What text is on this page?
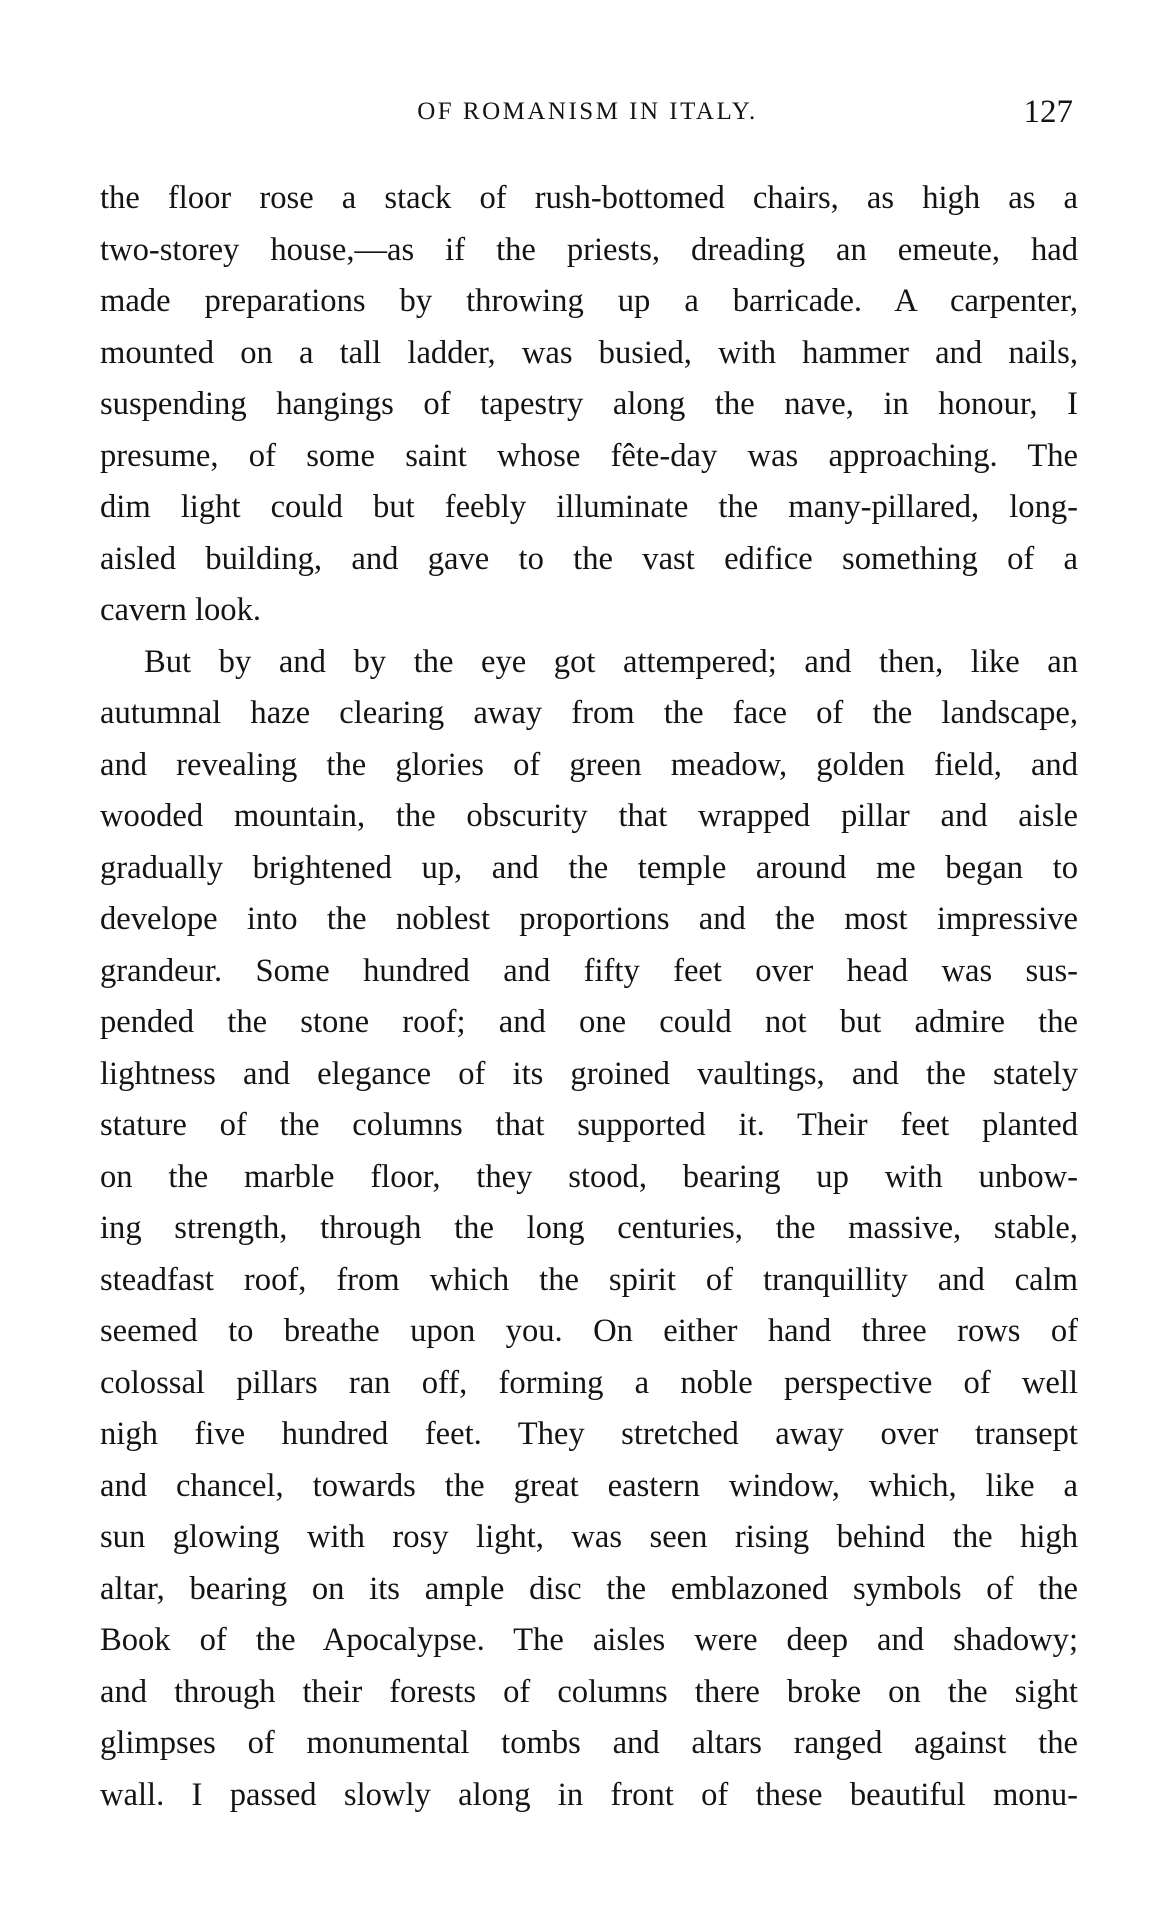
OF ROMANISM IN ITALY.	127
the floor rose a stack of rush-bottomed chairs, as high as a
two-storey house,—as if the priests, dreading an emeute, had
made preparations by throwing up a barricade. A carpenter,
mounted on a tall ladder, was busied, with hammer and nails,
suspending hangings of tapestry along the nave, in honour, I
presume, of some saint whose fête-day was approaching. The
dim light could but feebly illuminate the many-pillared, long-
aisled building, and gave to the vast edifice something of a
cavern look.
But by and by the eye got attempered; and then, like an
autumnal haze clearing away from the face of the landscape,
and revealing the glories of green meadow, golden field, and
wooded mountain, the obscurity that wrapped pillar and aisle
gradually brightened up, and the temple around me began to
develope into the noblest proportions and the most impressive
grandeur. Some hundred and fifty feet over head was sus-
pended the stone roof; and one could not but admire the
lightness and elegance of its groined vaultings, and the stately
stature of the columns that supported it. Their feet planted
on the marble floor, they stood, bearing up with unbow-
ing strength, through the long centuries, the massive, stable,
steadfast roof, from which the spirit of tranquillity and calm
seemed to breathe upon you. On either hand three rows of
colossal pillars ran off, forming a noble perspective of well
nigh five hundred feet. They stretched away over transept
and chancel, towards the great eastern window, which, like a
sun glowing with rosy light, was seen rising behind the high
altar, bearing on its ample disc the emblazoned symbols of the
Book of the Apocalypse. The aisles were deep and shadowy;
and through their forests of columns there broke on the sight
glimpses of monumental tombs and altars ranged against the
wall. I passed slowly along in front of these beautiful monu-
